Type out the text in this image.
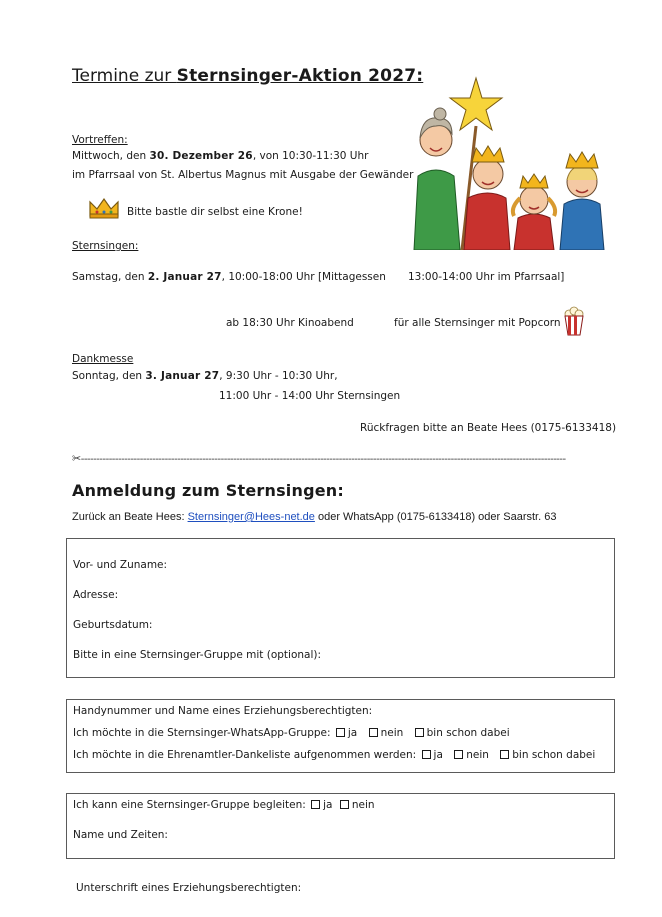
Termine zur Sternsinger-Aktion 2027:
Vortreffen:
Mittwoch, den 30. Dezember 26, von 10:30-11:30 Uhr
im Pfarrsaal von St. Albertus Magnus mit Ausgabe der Gewänder
Bitte bastle dir selbst eine Krone!
Sternsingen:
Samstag, den 2. Januar 27, 10:00-18:00 Uhr [Mittagessen 13:00-14:00 Uhr im Pfarrsaal]
ab 18:30 Uhr Kinoabend	für alle Sternsinger mit Popcorn
Dankmesse
Sonntag, den 3. Januar 27, 9:30 Uhr - 10:30 Uhr,
11:00 Uhr - 14:00 Uhr Sternsingen
Rückfragen bitte an Beate Hees (0175-6133418)
✂------------------------------------------------------------------------------------------------------------------------------------------------------------
Anmeldung zum Sternsingen:
Zurück an Beate Hees: Sternsinger@Hees-net.de oder WhatsApp (0175-6133418) oder Saarstr. 63
Vor- und Zuname:
Adresse:
Geburtsdatum:
Bitte in eine Sternsinger-Gruppe mit (optional):
Handynummer und Name eines Erziehungsberechtigten:
Ich möchte in die Sternsinger-WhatsApp-Gruppe: ja nein bin schon dabei
Ich möchte in die Ehrenamtler-Dankeliste aufgenommen werden: ja nein bin schon dabei
Ich kann eine Sternsinger-Gruppe begleiten: ja nein
Name und Zeiten:
Unterschrift eines Erziehungsberechtigten:
